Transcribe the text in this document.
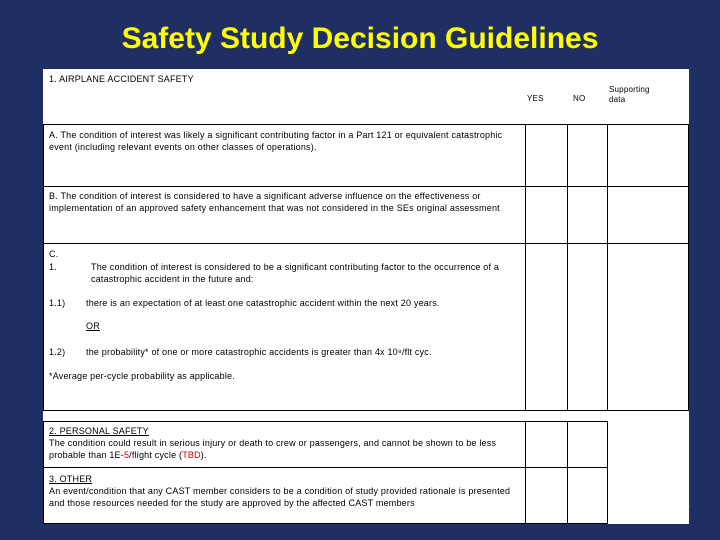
Safety Study Decision Guidelines
1. AIRPLANE ACCIDENT SAFETY
YES	NO
Supporting
data
A. The condition of interest was likely a significant contributing factor in a Part 121 or equivalent catastrophic event (including relevant events on other classes of operations).
B. The condition of interest is considered to have a significant adverse influence on the effectiveness or implementation of an approved safety enhancement that was not considered in the SEs original assessment
C.
1.	The condition of interest is considered to be a significant contributing factor to the occurrence of a catastrophic accident in the future and:
1.1) there is an expectation of at least one catastrophic accident within the next 20 years.
OR
1.2) the probability* of one or more catastrophic accidents is greater than 4x 10⁸/flt cyc.
*Average per-cycle probability as applicable.
2. PERSONAL SAFETY
The condition could result in serious injury or death to crew or passengers, and cannot be shown to be less probable than 1E-5/flight cycle (TBD).
3. OTHER
An event/condition that any CAST member considers to be a condition of study provided rationale is presented and those resources needed for the study are approved by the affected CAST members	0
